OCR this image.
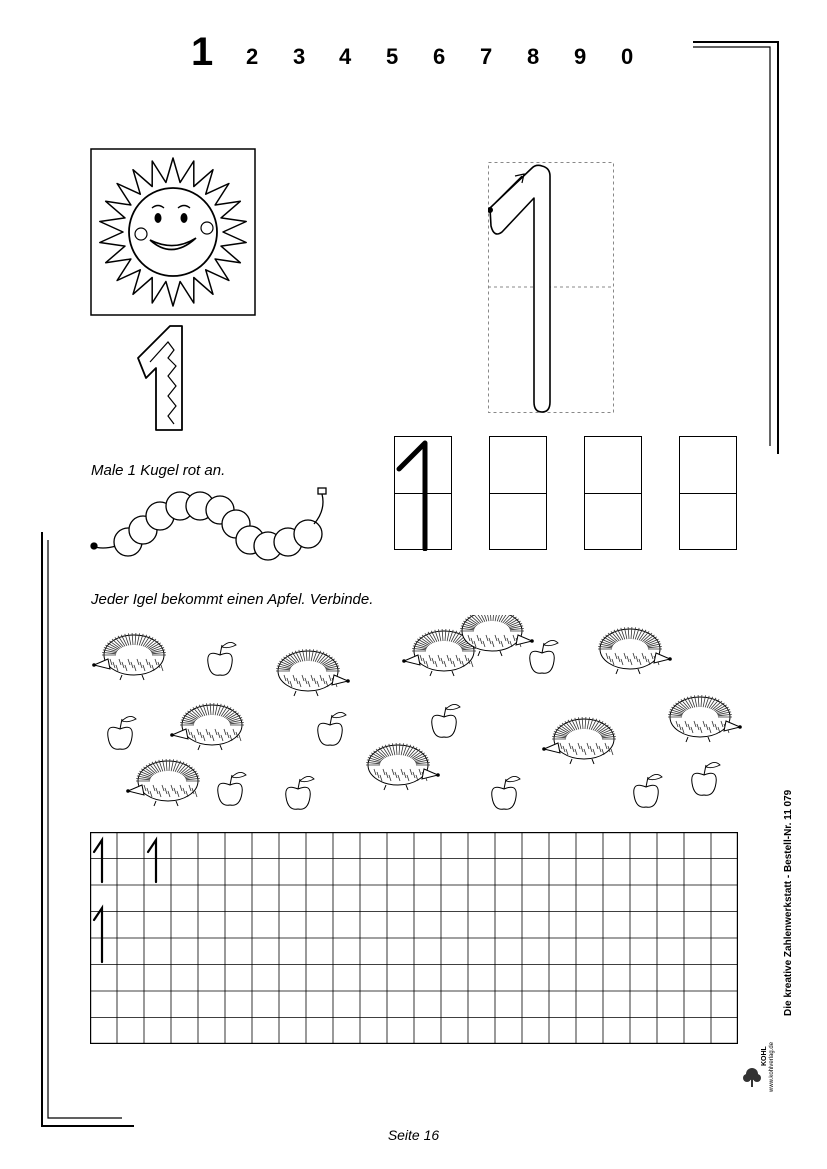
1 2 3 4 5 6 7 8 9 0
Male 1 Kugel rot an.
Jeder Igel bekommt einen Apfel. Verbinde.
Die kreative Zahlenwerkstatt - Bestell-Nr. 11 079
KOHL www.kohlverlag.de
Seite 16
